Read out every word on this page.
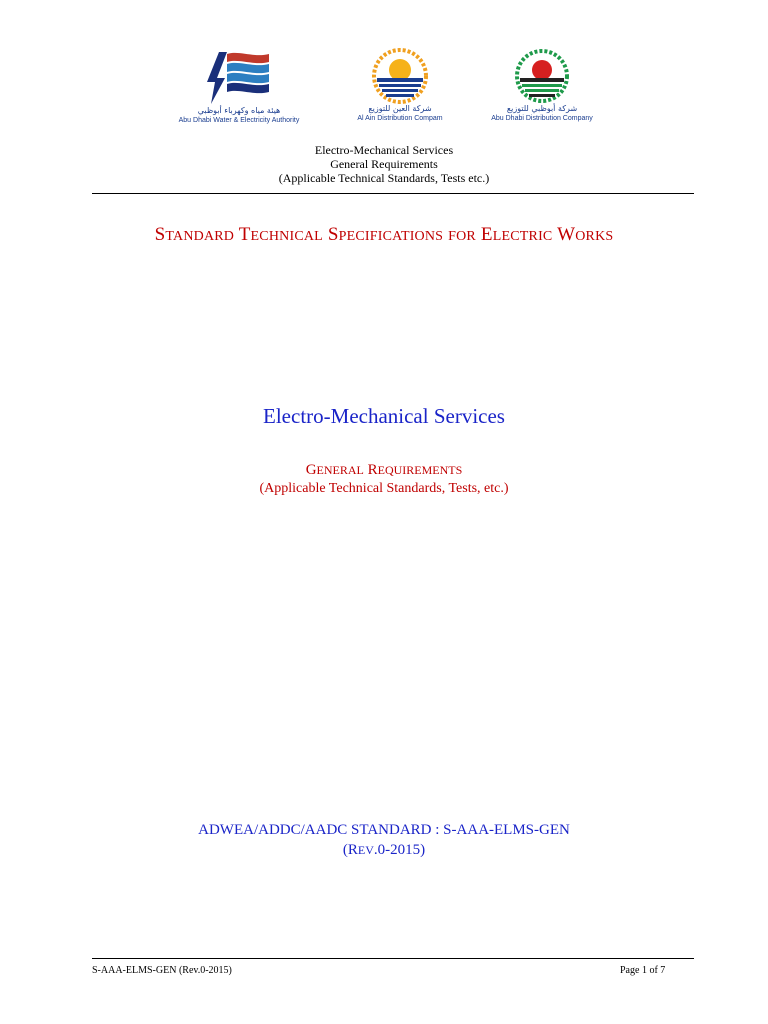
هيئة مياه وكهرباء أبوظبي
Abu Dhabi Water & Electricity Authority
شركة العين للتوزيع
Al Ain Distribution Compam
شركة أبوظبي للتوزيع
Abu Dhabi Distribution Company
Electro-Mechanical Services
General Requirements
(Applicable Technical Standards, Tests etc.)
STANDARD TECHNICAL SPECIFICATIONS FOR ELECTRIC WORKS
Electro-Mechanical Services
GENERAL REQUIREMENTS
(Applicable Technical Standards, Tests, etc.)
ADWEA/ADDC/AADC STANDARD : S-AAA-ELMS-GEN
(REV.0-2015)
S-AAA-ELMS-GEN (Rev.0-2015)	Page 1 of 7
